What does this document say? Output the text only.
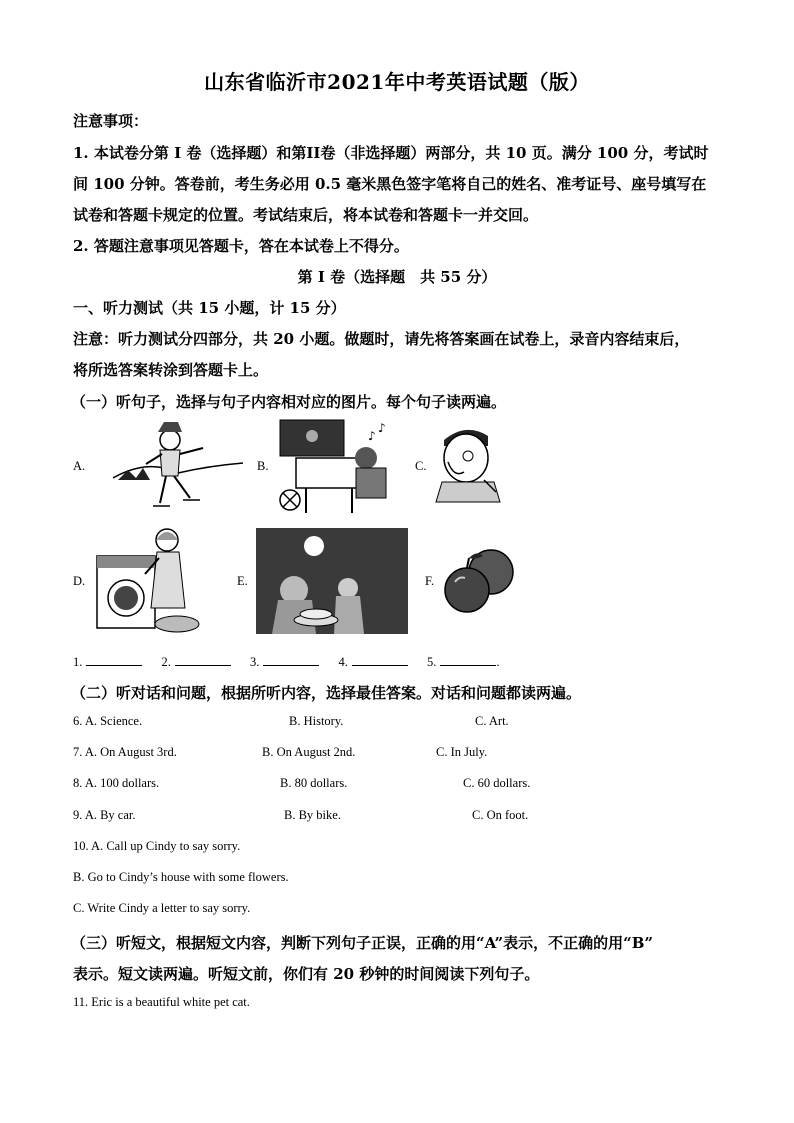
山东省临沂市2021年中考英语试题（版）
注意事项：
1. 本试卷分第 I 卷（选择题）和第II卷（非选择题）两部分，共 10 页。满分 100 分，考试时
间 100 分钟。答卷前，考生务必用 0.5 毫米黑色签字笔将自己的姓名、准考证号、座号填写在
试卷和答题卡规定的位置。考试结束后，将本试卷和答题卡一并交回。
2. 答题注意事项见答题卡，答在本试卷上不得分。
第 I 卷（选择题　共 55 分）
一、听力测试（共 15 小题，计 15 分）
注意：听力测试分四部分，共 20 小题。做题时，请先将答案画在试卷上，录音内容结束后，
将所选答案转涂到答题卡上。
（一）听句子，选择与句子内容相对应的图片。每个句子读两遍。
A.	B.
♪
♪
C.
D.	E.	F.
1.	2.	3.	4.	5.	.
（二）听对话和问题，根据所听内容，选择最佳答案。对话和问题都读两遍。
6. A. Science.	B. History.	C. Art.
7. A. On August 3rd.	B. On August 2nd.	C. In July.
8. A. 100 dollars.	B. 80 dollars.	C. 60 dollars.
9. A. By car.	B. By bike.	C. On foot.
10. A. Call up Cindy to say sorry.
B. Go to Cindy’s house with some flowers.
C. Write Cindy a letter to say sorry.
（三）听短文，根据短文内容，判断下列句子正误，正确的用“A”表示，不正确的用“B”
表示。短文读两遍。听短文前，你们有 20 秒钟的时间阅读下列句子。
11. Eric is a beautiful white pet cat.
